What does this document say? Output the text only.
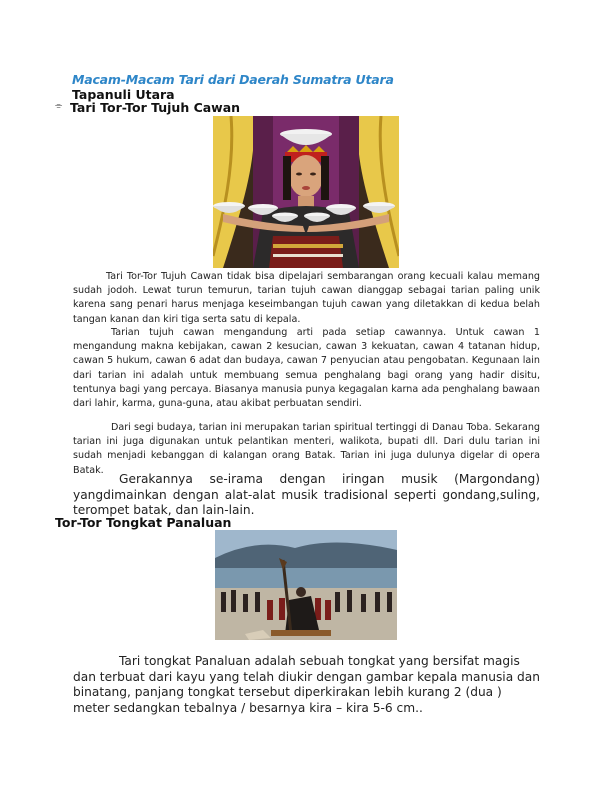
Macam-Macam Tari dari Daerah Sumatra Utara
Tapanuli Utara
⌯ Tari Tor-Tor Tujuh Cawan
Tari Tor-Tor Tujuh Cawan tidak bisa dipelajari sembarangan orang kecuali kalau memang sudah jodoh. Lewat turun temurun, tarian tujuh cawan dianggap sebagai tarian paling unik karena sang penari harus menjaga keseimbangan tujuh cawan yang diletakkan di kedua belah tangan kanan dan kiri tiga serta satu di kepala.
Tarian tujuh cawan mengandung arti pada setiap cawannya. Untuk cawan 1 mengandung makna kebijakan, cawan 2 kesucian, cawan 3 kekuatan, cawan 4 tatanan hidup, cawan 5 hukum, cawan 6 adat dan budaya, cawan 7 penyucian atau pengobatan. Kegunaan lain dari tarian ini adalah untuk membuang semua penghalang bagi orang yang hadir disitu, tentunya bagi yang percaya. Biasanya manusia punya kegagalan karna ada penghalang bawaan dari lahir, karma, guna-guna, atau akibat perbuatan sendiri.
Dari segi budaya, tarian ini merupakan tarian spiritual tertinggi di Danau Toba. Sekarang tarian ini juga digunakan untuk pelantikan menteri, walikota, bupati dll. Dari dulu tarian ini sudah menjadi kebanggan di kalangan orang Batak. Tarian ini juga dulunya digelar di opera Batak.
Gerakannya se-irama dengan iringan musik (Margondang) yangdimainkan dengan alat-alat musik tradisional seperti gondang,suling, terompet batak, dan lain-lain.
Tor-Tor Tongkat Panaluan
Tari tongkat Panaluan adalah sebuah tongkat yang bersifat magis dan terbuat dari kayu yang telah diukir dengan gambar kepala manusia dan binatang, panjang tongkat tersebut diperkirakan lebih kurang 2 (dua ) meter sedangkan tebalnya / besarnya kira – kira 5-6 cm..
